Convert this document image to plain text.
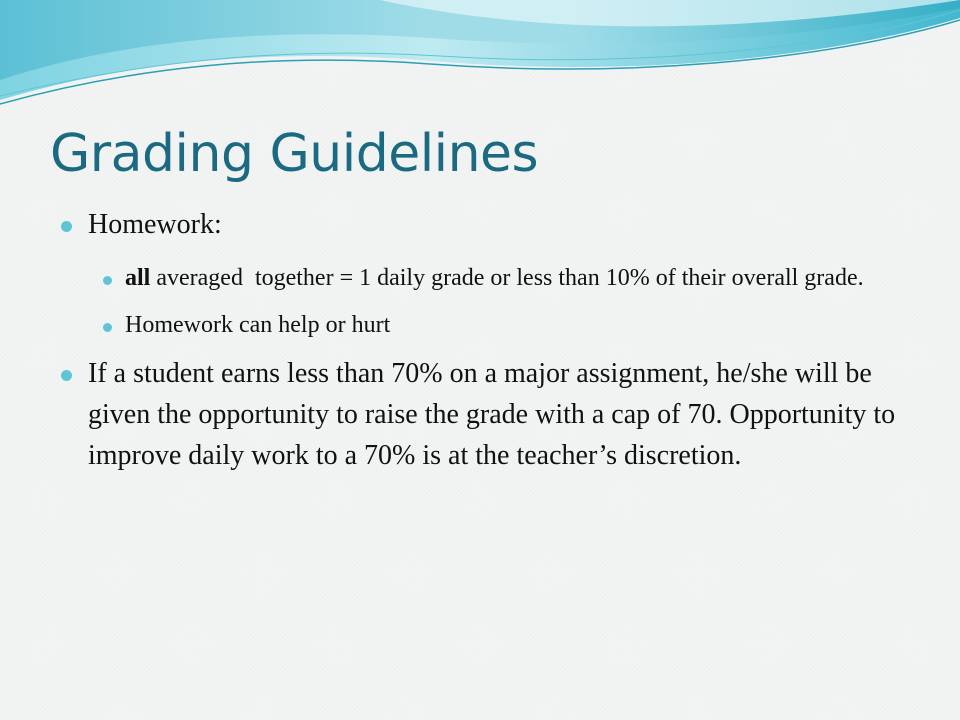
Grading Guidelines
Homework:
all averaged  together = 1 daily grade or less than 10% of their overall grade.
Homework can help or hurt
If a student earns less than 70% on a major assignment, he/she will be given the opportunity to raise the grade with a cap of 70. Opportunity to improve daily work to a 70% is at the teacher’s discretion.
